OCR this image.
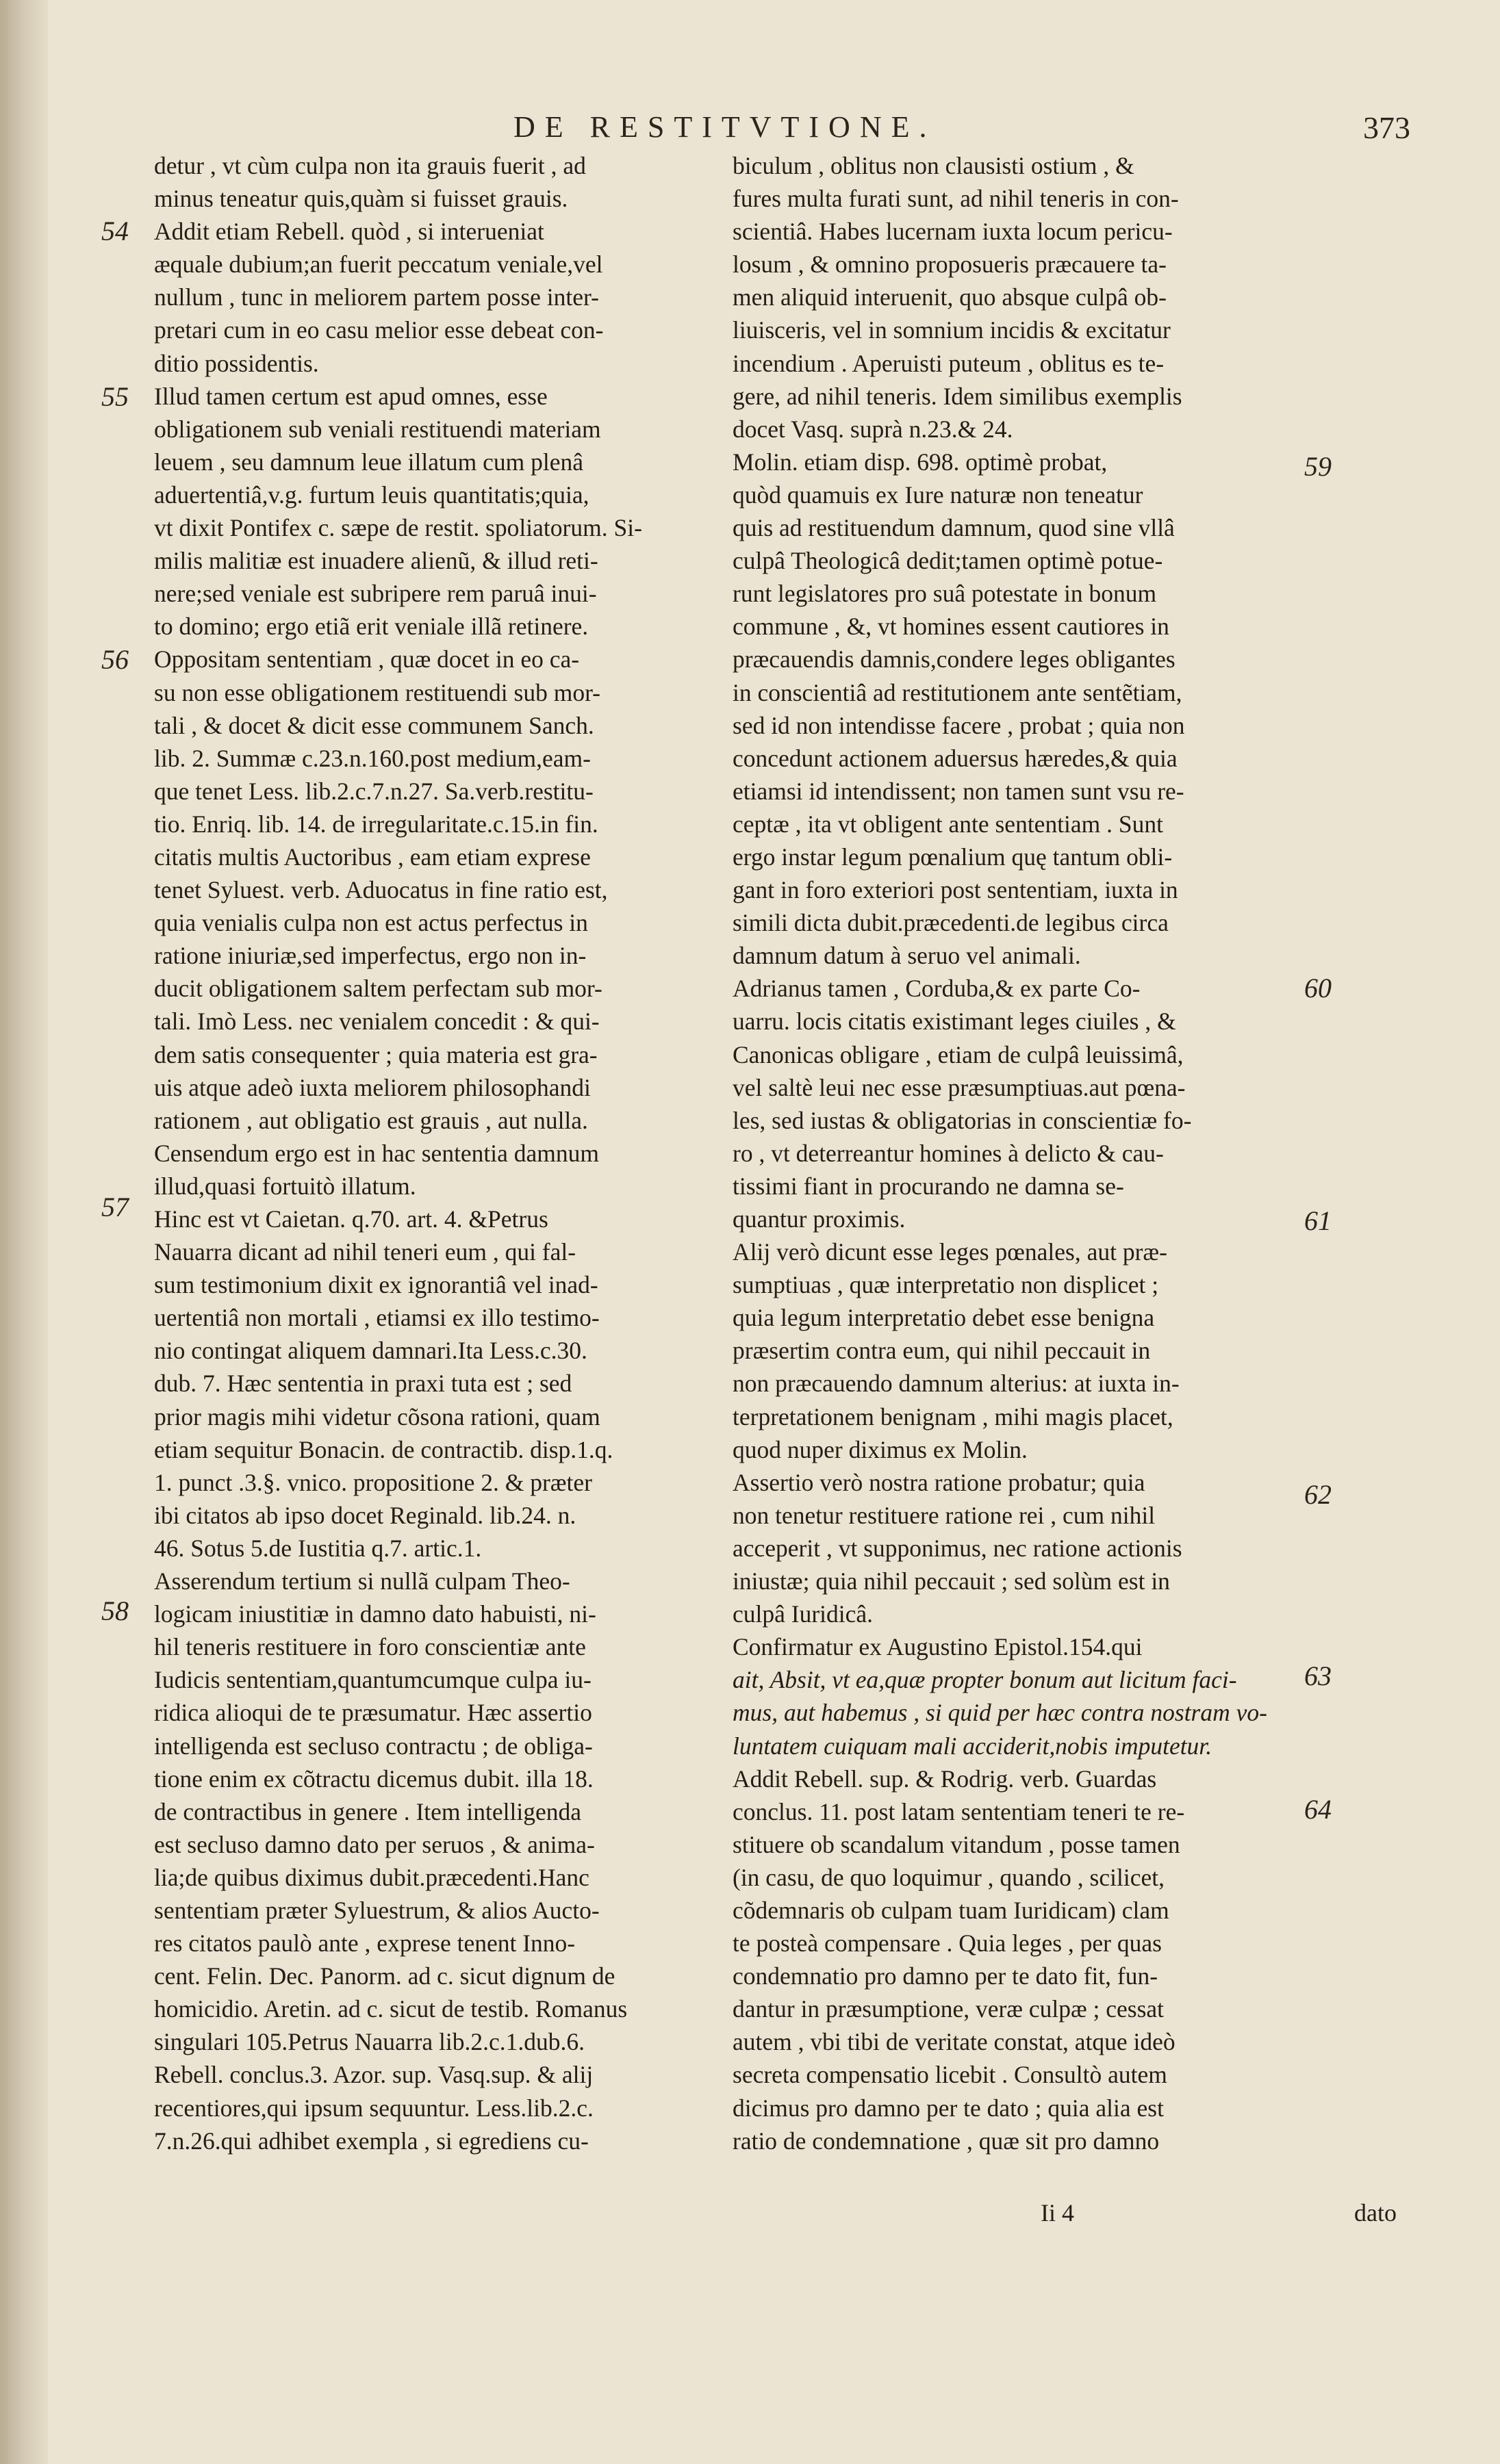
DE RESTITVTIONE.	373
54
55
56
57
58
59
60
61
62
63
64
detur , vt cùm culpa non ita grauis fuerit , ad
minus teneatur quis,quàm si fuisset grauis.
Addit etiam Rebell. quòd , si interueniat
æquale dubium;an fuerit peccatum veniale,vel
nullum , tunc in meliorem partem posse inter-
pretari cum in eo casu melior esse debeat con-
ditio possidentis.
Illud tamen certum est apud omnes, esse
obligationem sub veniali restituendi materiam
leuem , seu damnum leue illatum cum plenâ
aduertentiâ,v.g. furtum leuis quantitatis;quia,
vt dixit Pontifex c. sæpe de restit. spoliatorum. Si-
milis malitiæ est inuadere alienũ, & illud reti-
nere;sed veniale est subripere rem paruâ inui-
to domino; ergo etiã erit veniale illã retinere.
Oppositam sententiam , quæ docet in eo ca-
su non esse obligationem restituendi sub mor-
tali , & docet & dicit esse communem Sanch.
lib. 2. Summæ c.23.n.160.post medium,eam-
que tenet Less. lib.2.c.7.n.27. Sa.verb.restitu-
tio. Enriq. lib. 14. de irregularitate.c.15.in fin.
citatis multis Auctoribus , eam etiam exprese
tenet Syluest. verb. Aduocatus in fine ratio est,
quia venialis culpa non est actus perfectus in
ratione iniuriæ,sed imperfectus, ergo non in-
ducit obligationem saltem perfectam sub mor-
tali. Imò Less. nec venialem concedit : & qui-
dem satis consequenter ; quia materia est gra-
uis atque adeò iuxta meliorem philosophandi
rationem , aut obligatio est grauis , aut nulla.
Censendum ergo est in hac sententia damnum
illud,quasi fortuitò illatum.
Hinc est vt Caietan. q.70. art. 4. &Petrus
Nauarra dicant ad nihil teneri eum , qui fal-
sum testimonium dixit ex ignorantiâ vel inad-
uertentiâ non mortali , etiamsi ex illo testimo-
nio contingat aliquem damnari.Ita Less.c.30.
dub. 7. Hæc sententia in praxi tuta est ; sed
prior magis mihi videtur cõsona rationi, quam
etiam sequitur Bonacin. de contractib. disp.1.q.
1. punct .3.§. vnico. propositione 2. & præter
ibi citatos ab ipso docet Reginald. lib.24. n.
46. Sotus 5.de Iustitia q.7. artic.1.
Asserendum tertium si nullã culpam Theo-
logicam iniustitiæ in damno dato habuisti, ni-
hil teneris restituere in foro conscientiæ ante
Iudicis sententiam,quantumcumque culpa iu-
ridica alioqui de te præsumatur. Hæc assertio
intelligenda est secluso contractu ; de obliga-
tione enim ex cõtractu dicemus dubit. illa 18.
de contractibus in genere . Item intelligenda
est secluso damno dato per seruos , & anima-
lia;de quibus diximus dubit.præcedenti.Hanc
sententiam præter Syluestrum, & alios Aucto-
res citatos paulò ante , exprese tenent Inno-
cent. Felin. Dec. Panorm. ad c. sicut dignum de
homicidio. Aretin. ad c. sicut de testib. Romanus
singulari 105.Petrus Nauarra lib.2.c.1.dub.6.
Rebell. conclus.3. Azor. sup. Vasq.sup. & alij
recentiores,qui ipsum sequuntur. Less.lib.2.c.
7.n.26.qui adhibet exempla , si egrediens cu-
biculum , oblitus non clausisti ostium , &
fures multa furati sunt, ad nihil teneris in con-
scientiâ. Habes lucernam iuxta locum pericu-
losum , & omnino proposueris præcauere ta-
men aliquid interuenit, quo absque culpâ ob-
liuisceris, vel in somnium incidis & excitatur
incendium . Aperuisti puteum , oblitus es te-
gere, ad nihil teneris. Idem similibus exemplis
docet Vasq. suprà n.23.& 24.
Molin. etiam disp. 698. optimè probat,
quòd quamuis ex Iure naturæ non teneatur
quis ad restituendum damnum, quod sine vllâ
culpâ Theologicâ dedit;tamen optimè potue-
runt legislatores pro suâ potestate in bonum
commune , &, vt homines essent cautiores in
præcauendis damnis,condere leges obligantes
in conscientiâ ad restitutionem ante sentẽtiam,
sed id non intendisse facere , probat ; quia non
concedunt actionem aduersus hæredes,& quia
etiamsi id intendissent; non tamen sunt vsu re-
ceptæ , ita vt obligent ante sententiam . Sunt
ergo instar legum pœnalium quę tantum obli-
gant in foro exteriori post sententiam, iuxta in
simili dicta dubit.præcedenti.de legibus circa
damnum datum à seruo vel animali.
Adrianus tamen , Corduba,& ex parte Co-
uarru. locis citatis existimant leges ciuiles , &
Canonicas obligare , etiam de culpâ leuissimâ,
vel saltè leui nec esse præsumptiuas.aut pœna-
les, sed iustas & obligatorias in conscientiæ fo-
ro , vt deterreantur homines à delicto & cau-
tissimi fiant in procurando ne damna se-
quantur proximis.
Alij verò dicunt esse leges pœnales, aut præ-
sumptiuas , quæ interpretatio non displicet ;
quia legum interpretatio debet esse benigna
præsertim contra eum, qui nihil peccauit in
non præcauendo damnum alterius: at iuxta in-
terpretationem benignam , mihi magis placet,
quod nuper diximus ex Molin.
Assertio verò nostra ratione probatur; quia
non tenetur restituere ratione rei , cum nihil
acceperit , vt supponimus, nec ratione actionis
iniustæ; quia nihil peccauit ; sed solùm est in
culpâ Iuridicâ.
Confirmatur ex Augustino Epistol.154.qui
ait, Absit, vt ea,quæ propter bonum aut licitum faci-
mus, aut habemus , si quid per hæc contra nostram vo-
luntatem cuiquam mali acciderit,nobis imputetur.
Addit Rebell. sup. & Rodrig. verb. Guardas
conclus. 11. post latam sententiam teneri te re-
stituere ob scandalum vitandum , posse tamen
(in casu, de quo loquimur , quando , scilicet,
cõdemnaris ob culpam tuam Iuridicam) clam
te posteà compensare . Quia leges , per quas
condemnatio pro damno per te dato fit, fun-
dantur in præsumptione, veræ culpæ ; cessat
autem , vbi tibi de veritate constat, atque ideò
secreta compensatio licebit . Consultò autem
dicimus pro damno per te dato ; quia alia est
ratio de condemnatione , quæ sit pro damno
Ii 4	dato
